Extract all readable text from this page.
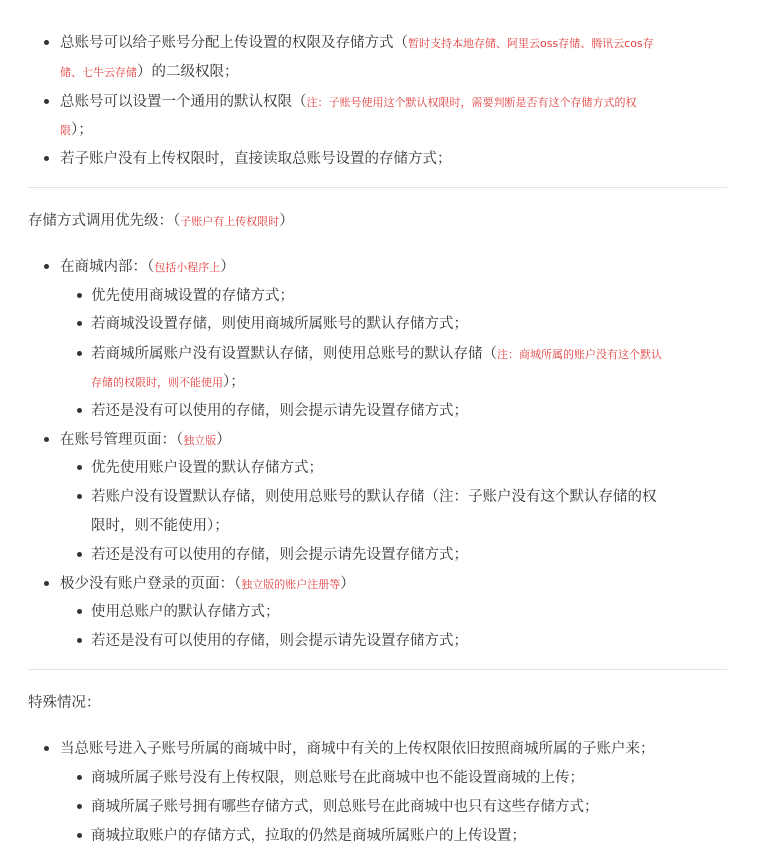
总账号可以给子账号分配上传设置的权限及存储方式（暂时支持本地存储、阿里云oss存储、腾讯云cos存
储、七牛云存储）的二级权限；
总账号可以设置一个通用的默认权限（注：子账号使用这个默认权限时，需要判断是否有这个存储方式的权
限）；
若子账户没有上传权限时，直接读取总账号设置的存储方式；
存储方式调用优先级：（子账户有上传权限时）
在商城内部：（包括小程序上）
优先使用商城设置的存储方式；
若商城没设置存储，则使用商城所属账号的默认存储方式；
若商城所属账户没有设置默认存储，则使用总账号的默认存储（注：商城所属的账户没有这个默认
存储的权限时，则不能使用）；
若还是没有可以使用的存储，则会提示请先设置存储方式；
在账号管理页面：（独立版）
优先使用账户设置的默认存储方式；
若账户没有设置默认存储，则使用总账号的默认存储（注：子账户没有这个默认存储的权
限时，则不能使用）；
若还是没有可以使用的存储，则会提示请先设置存储方式；
极少没有账户登录的页面：（独立版的账户注册等）
使用总账户的默认存储方式；
若还是没有可以使用的存储，则会提示请先设置存储方式；
特殊情况：
当总账号进入子账号所属的商城中时，商城中有关的上传权限依旧按照商城所属的子账户来；
商城所属子账号没有上传权限，则总账号在此商城中也不能设置商城的上传；
商城所属子账号拥有哪些存储方式，则总账号在此商城中也只有这些存储方式；
商城拉取账户的存储方式，拉取的仍然是商城所属账户的上传设置；
